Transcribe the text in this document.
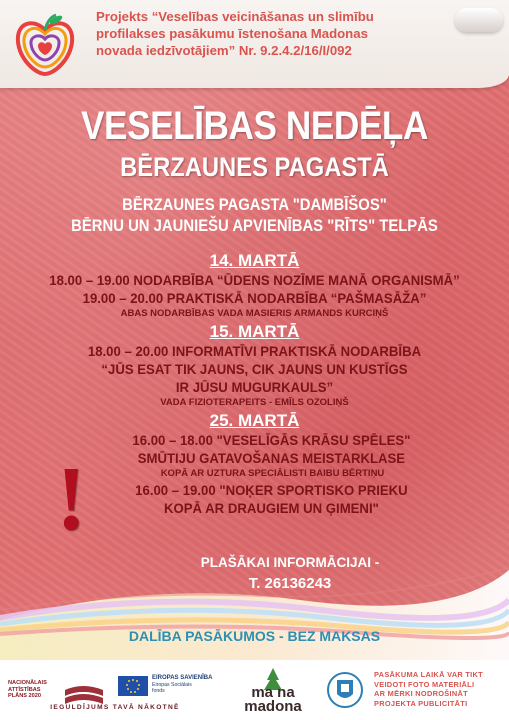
Projekts “Veselības veicināšanas un slimību
profilakses pasākumu īstenošana Madonas
novada iedzīvotājiem” Nr. 9.2.4.2/16/I/092
VESELĪBAS NEDĒĻA
BĒRZAUNES PAGASTĀ
BĒRZAUNES PAGASTA "DAMBĪŠOS"
BĒRNU UN JAUNIEŠU APVIENĪBAS "RĪTS" TELPĀS
14. MARTĀ
18.00 – 19.00 NODARBĪBA “ŪDENS NOZĪME MANĀ ORGANISMĀ”
19.00 – 20.00 PRAKTISKĀ NODARBĪBA “PAŠMASĀŽA”
ABAS NODARBĪBAS VADA MASIERIS ARMANDS KURCIŅŠ
15. MARTĀ
18.00 – 20.00 INFORMATĪVI PRAKTISKĀ NODARBĪBA
“JŪS ESAT TIK JAUNS, CIK JAUNS UN KUSTĪGS
IR JŪSU MUGURKAULS”
VADA FIZIOTERAPEITS - EMĪLS OZOLIŅŠ
25. MARTĀ
16.00 – 18.00 "VESELĪGĀS KRĀSU SPĒLES"
SMŪTIJU GATAVOŠANAS MEISTARKLASE
KOPĀ AR UZTURA SPECIĀLISTI BAIBU BĒRTIŅU
16.00 – 19.00 "NOĶER SPORTISKO PRIEKU
KOPĀ AR DRAUGIEM UN ĢIMENI"
!
PLAŠĀKAI INFORMĀCIJAI -
T. 26136243
DALĪBA PASĀKUMOS - BEZ MAKSAS
NACIONĀLAIS
ATTĪSTĪBAS
PLĀNS 2020
EIROPAS SAVIENĪBA
Eiropas Sociālais
fonds
IEGULDĪJUMS TAVĀ NĀKOTNĒ
ma na
madona
PASĀKUMA LAIKĀ VAR TIKT
VEIDOTI FOTO MATERIĀLI
AR MĒRKI NODROŠINĀT
PROJEKTA PUBLICITĀTI
